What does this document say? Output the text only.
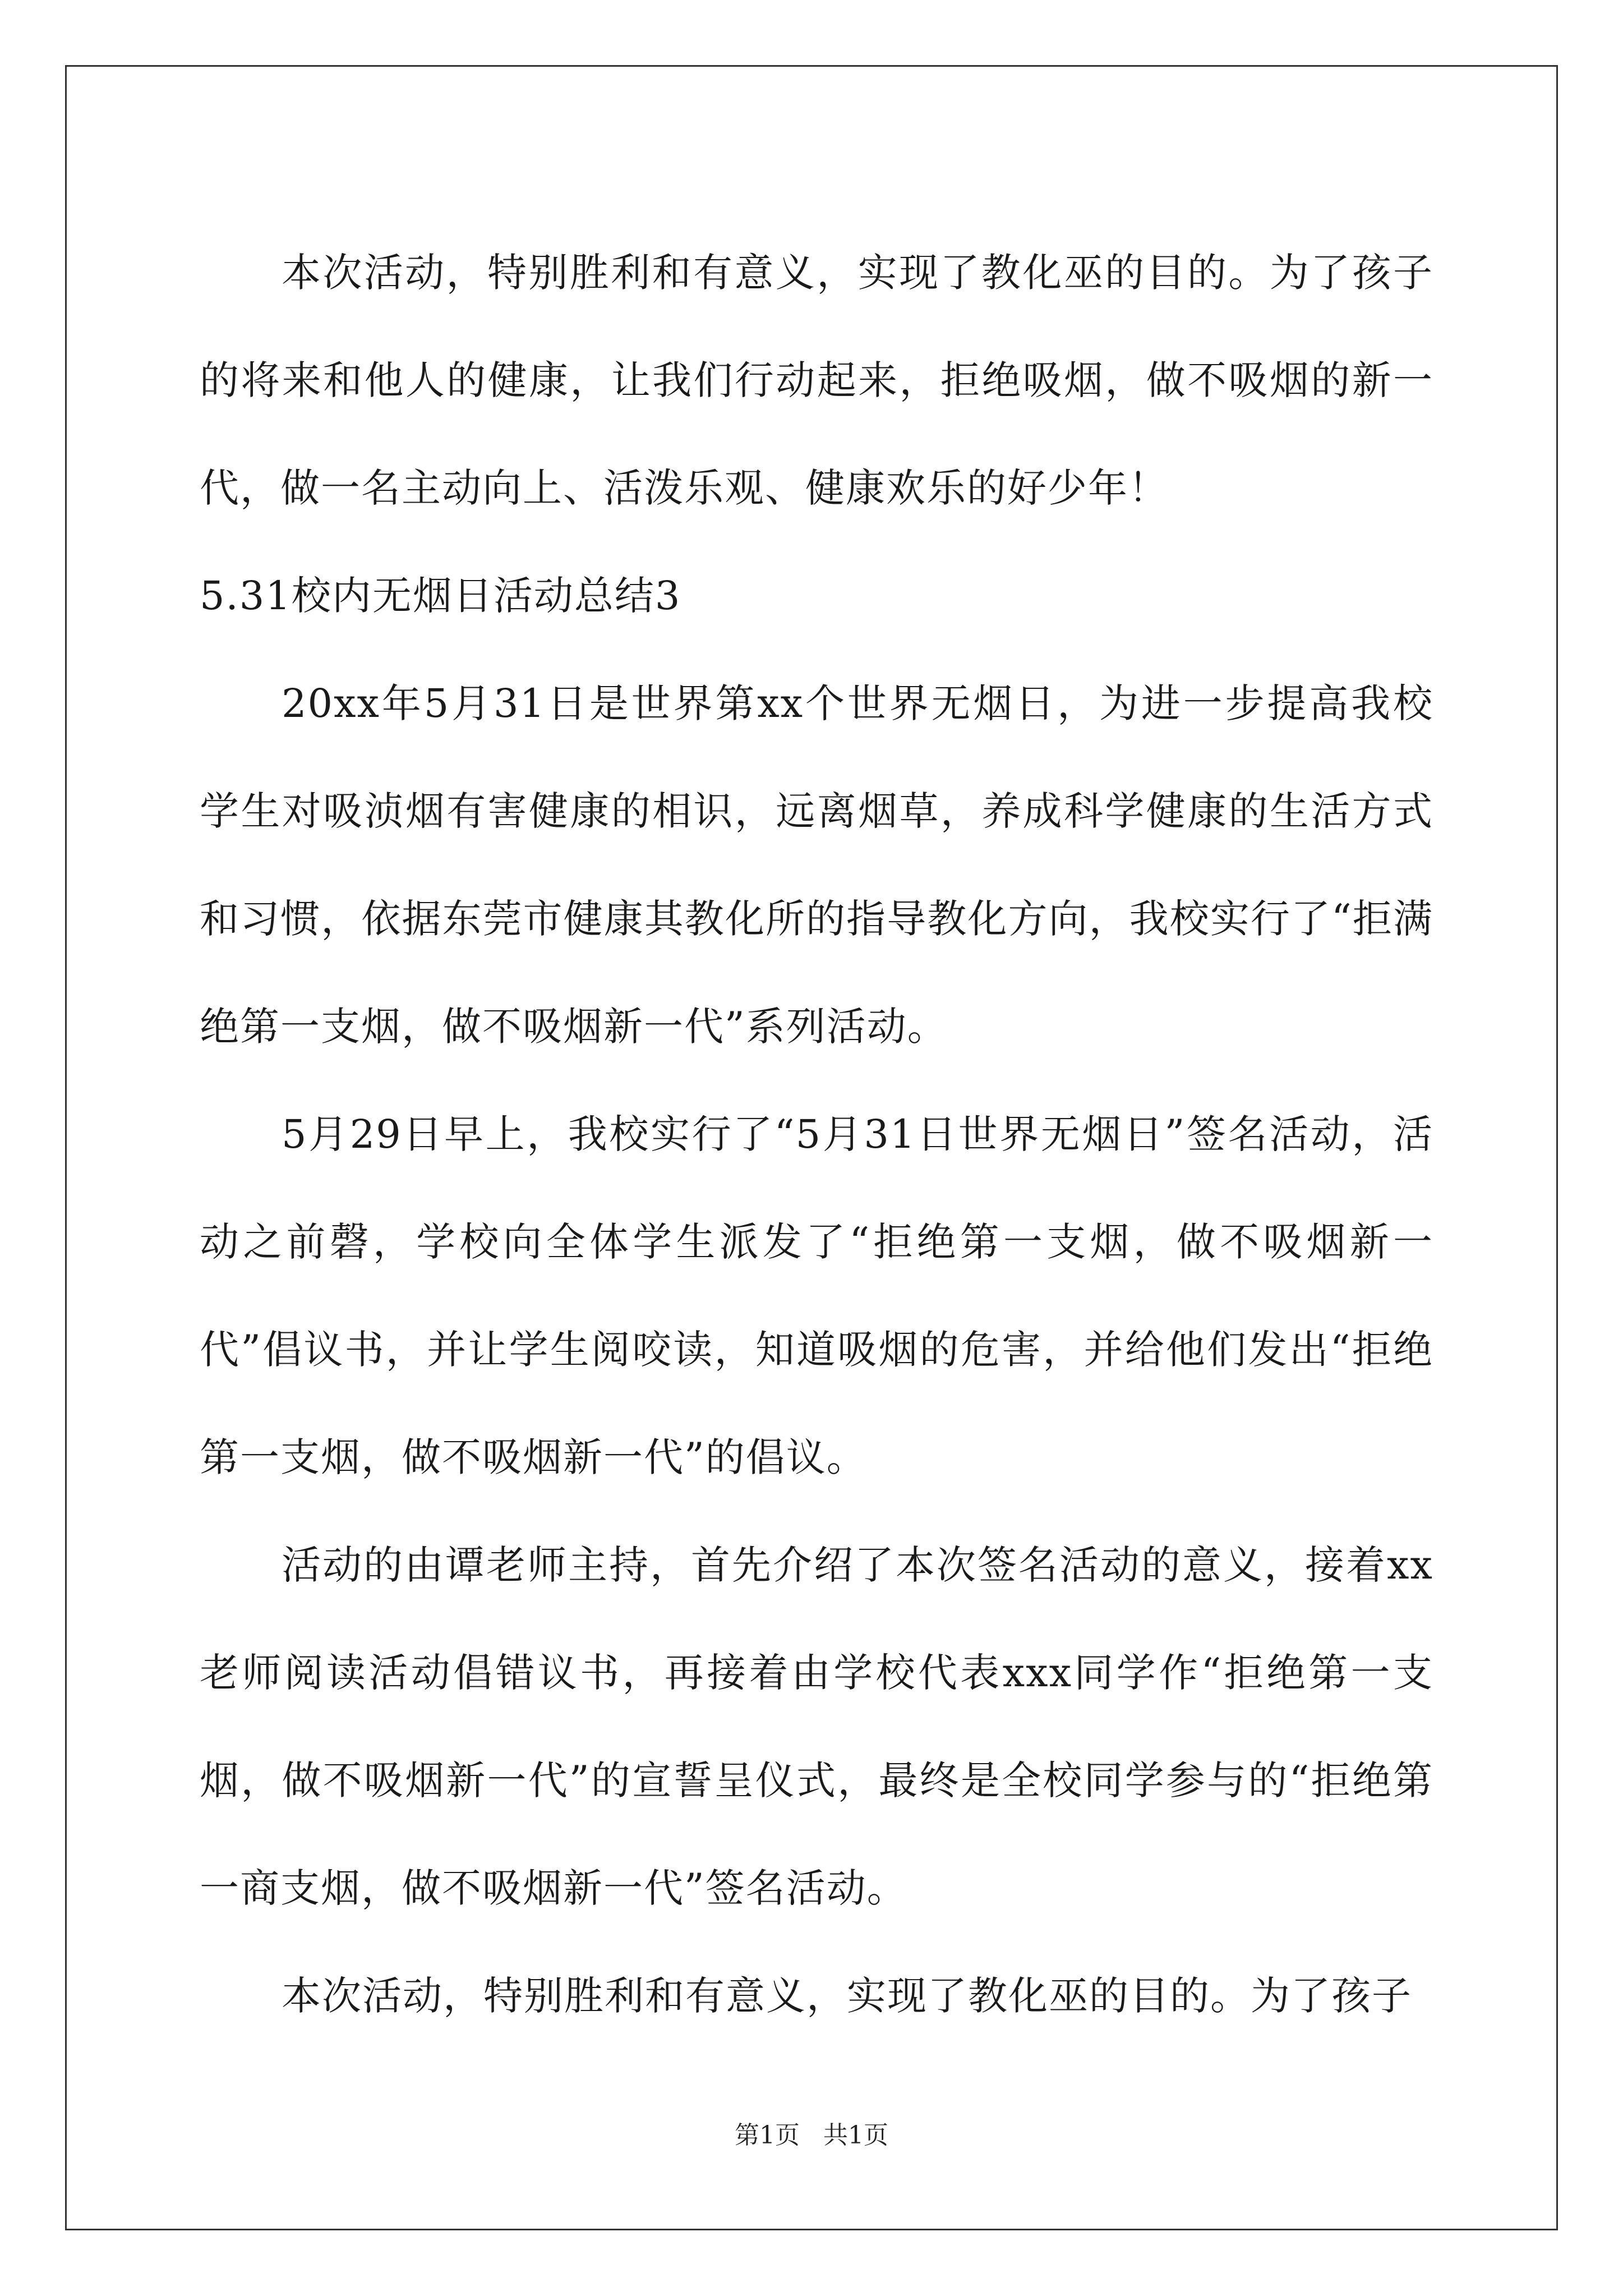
本次活动，特别胜利和有意义，实现了教化巫的目的。为了孩子的将来和他人的健康，让我们行动起来，拒绝吸烟，做不吸烟的新一代，做一名主动向上、活泼乐观、健康欢乐的好少年！

5.31校内无烟日活动总结3

20xx年5月31日是世界第xx个世界无烟日，为进一步提高我校学生对吸浈烟有害健康的相识，远离烟草，养成科学健康的生活方式和习惯，依据东莞市健康其教化所的指导教化方向，我校实行了“拒满绝第一支烟，做不吸烟新一代”系列活动。

5月29日早上，我校实行了“5月31日世界无烟日”签名活动，活动之前磬，学校向全体学生派发了“拒绝第一支烟，做不吸烟新一代”倡议书，并让学生阅咬读，知道吸烟的危害，并给他们发出“拒绝第一支烟，做不吸烟新一代”的倡议。

活动的由谭老师主持，首先介绍了本次签名活动的意义，接着xx老师阅读活动倡错议书，再接着由学校代表xxx同学作“拒绝第一支烟，做不吸烟新一代”的宣誓呈仪式，最终是全校同学参与的“拒绝第一商支烟，做不吸烟新一代”签名活动。

本次活动，特别胜利和有意义，实现了教化巫的目的。为了孩子

第1页 共1页
